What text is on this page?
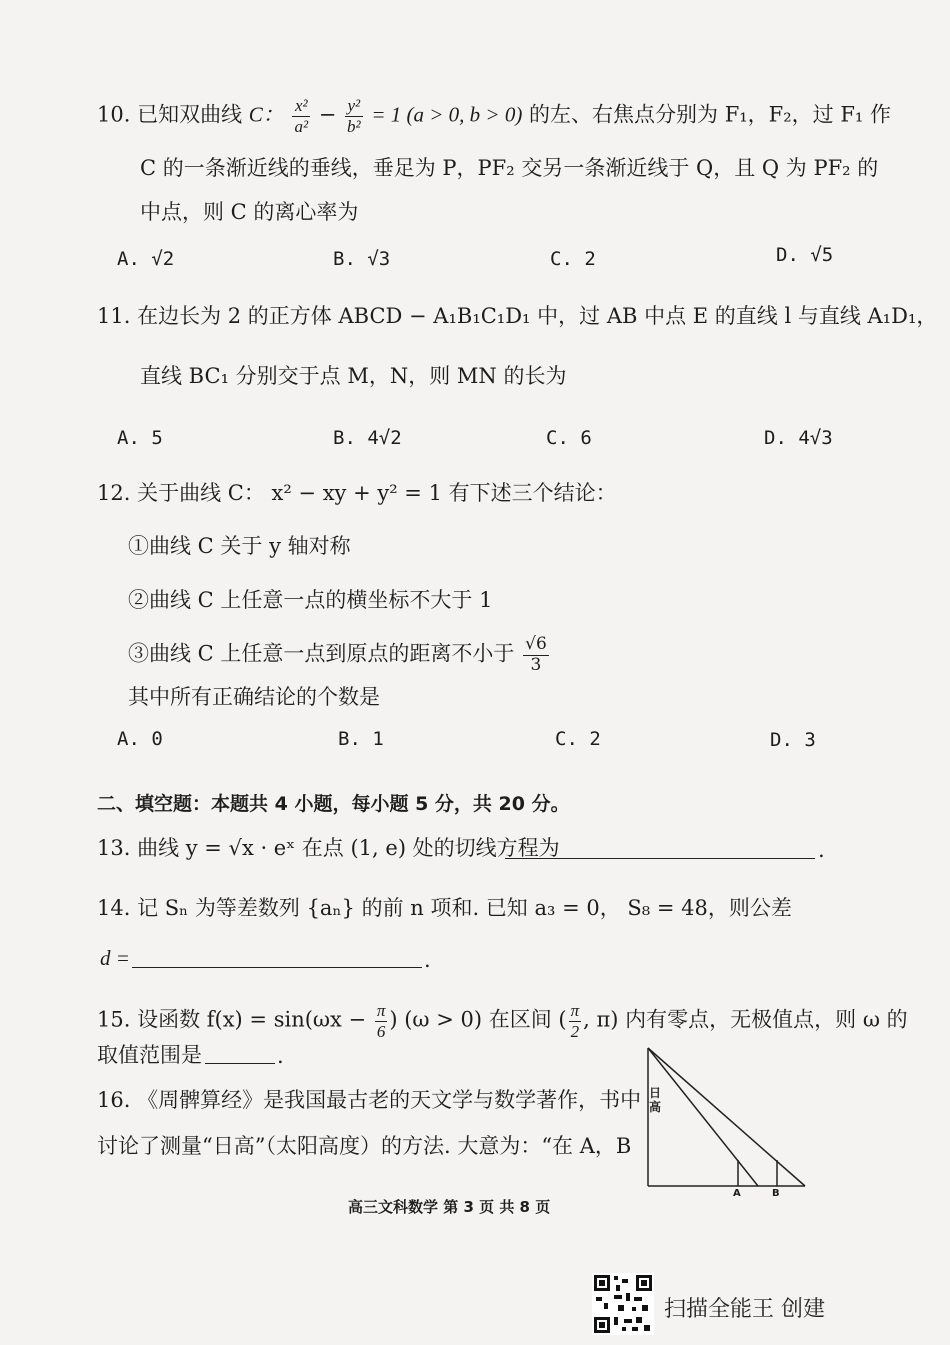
10. 已知双曲线 C： $\frac{\text{x²}}{\text{a²}} - \frac{\text{y²}}{\text{b²}} = 1$ (a > 0, b > 0) 的左、右焦点分别为 F₁，F₂，过 F₁ 作
C 的一条渐近线的垂线，垂足为 P，PF₂ 交另一条渐近线于 Q，且 Q 为 PF₂ 的
中点，则 C 的离心率为
A. √2	B. √3	C. 2	D. √5
11. 在边长为 2 的正方体 ABCD − A₁B₁C₁D₁ 中，过 AB 中点 E 的直线 l 与直线 A₁D₁，
直线 BC₁ 分别交于点 M，N，则 MN 的长为
A. 5	B. 4√2	C. 6	D. 4√3
12. 关于曲线 C： x² − xy + y² = 1 有下述三个结论：
①曲线 C 关于 y 轴对称
②曲线 C 上任意一点的横坐标不大于 1
③曲线 C 上任意一点到原点的距离不小于 $\frac{√6}{3}$
其中所有正确结论的个数是
A. 0	B. 1	C. 2	D. 3
二、填空题：本题共 4 小题，每小题 5 分，共 20 分。
13. 曲线 y = √x · eˣ 在点 (1, e) 处的切线方程为	.
14. 记 Sₙ 为等差数列 {aₙ} 的前 n 项和. 已知 a₃ = 0， S₈ = 48，则公差
d =	.
15. 设函数 $f(x) = \sin(\omega x - \frac{\pi}{6}$ ) (ω > 0) 在区间 ( $\frac{\pi}{2}$ , π) 内有零点，无极值点，则 ω 的
取值范围是	.
16. 《周髀算经》是我国最古老的天文学与数学著作，书中
讨论了测量“日高”（太阳高度）的方法. 大意为：“在 A，B
日高
A	B
高三文科数学 第 3 页 共 8 页
扫描全能王 创建
